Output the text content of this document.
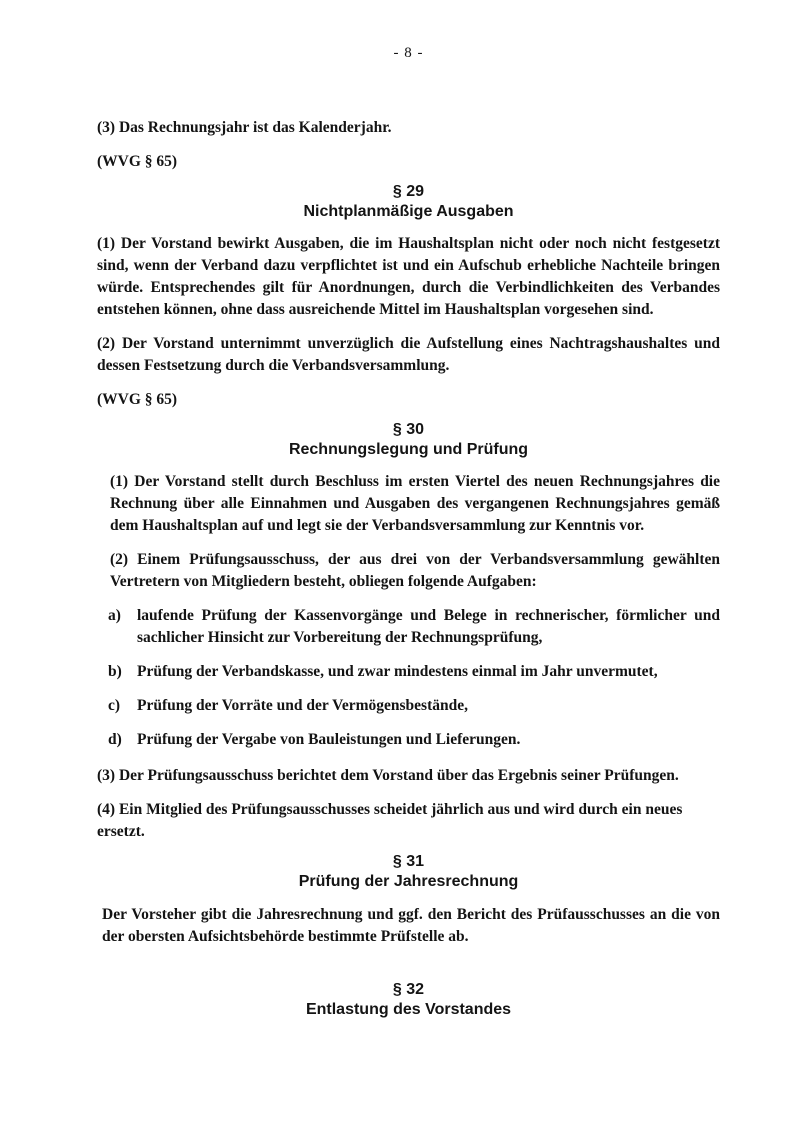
- 8 -

(3) Das Rechnungsjahr ist das Kalenderjahr.

(WVG § 65)

§ 29
Nichtplanmäßige Ausgaben

(1) Der Vorstand bewirkt Ausgaben, die im Haushaltsplan nicht oder noch nicht festgesetzt sind, wenn der Verband dazu verpflichtet ist und ein Aufschub erhebliche Nachteile bringen würde. Entsprechendes gilt für Anordnungen, durch die Verbindlichkeiten des Verbandes entstehen können, ohne dass ausreichende Mittel im Haushaltsplan vorgesehen sind.

(2) Der Vorstand unternimmt unverzüglich die Aufstellung eines Nachtragshaushaltes und dessen Festsetzung durch die Verbandsversammlung.

(WVG § 65)

§ 30
Rechnungslegung und Prüfung

(1) Der Vorstand stellt durch Beschluss im ersten Viertel des neuen Rechnungsjahres die Rechnung über alle Einnahmen und Ausgaben des vergangenen Rechnungsjahres gemäß dem Haushaltsplan auf und legt sie der Verbandsversammlung zur Kenntnis vor.

(2) Einem Prüfungsausschuss, der aus drei von der Verbandsversammlung gewählten Vertretern von Mitgliedern besteht, obliegen folgende Aufgaben:

a)	laufende Prüfung der Kassenvorgänge und Belege in rechnerischer, förmlicher und sachlicher Hinsicht zur Vorbereitung der Rechnungsprüfung,
b) Prüfung der Verbandskasse, und zwar mindestens einmal im Jahr unvermutet,
c)	Prüfung der Vorräte und der Vermögensbestände,
d) Prüfung der Vergabe von Bauleistungen und Lieferungen.

(3) Der Prüfungsausschuss berichtet dem Vorstand über das Ergebnis seiner Prüfungen.

(4) Ein Mitglied des Prüfungsausschusses scheidet jährlich aus und wird durch ein neues ersetzt.

§ 31
Prüfung der Jahresrechnung

Der Vorsteher gibt die Jahresrechnung und ggf. den Bericht des Prüfausschusses an die von der obersten Aufsichtsbehörde bestimmte Prüfstelle ab.

§ 32
Entlastung des Vorstandes
